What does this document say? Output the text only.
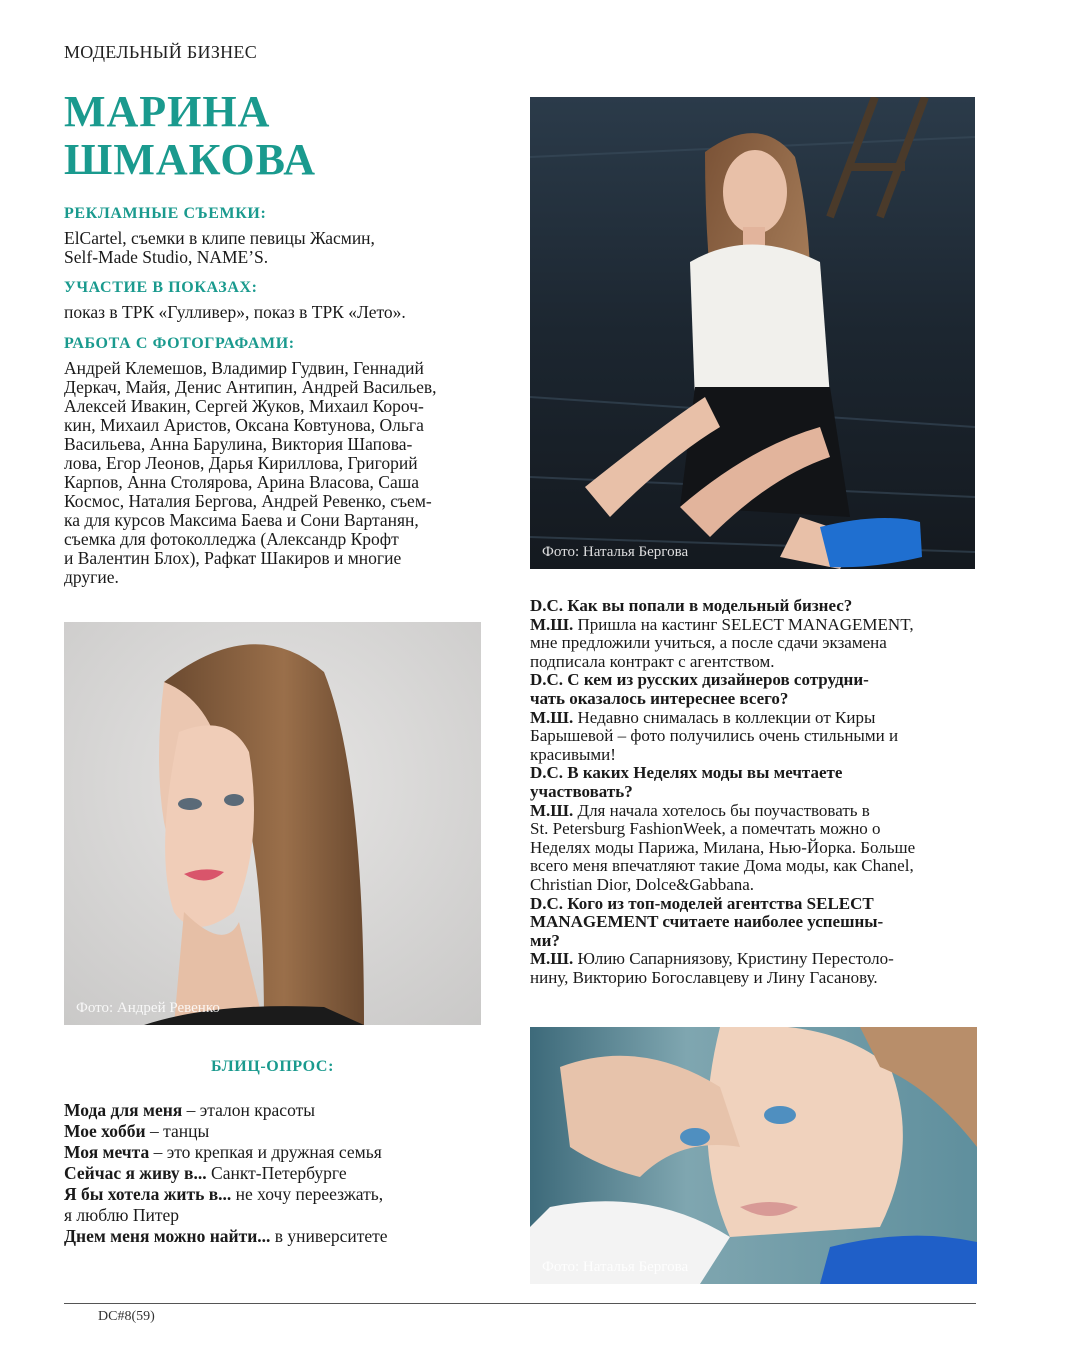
МОДЕЛЬНЫЙ БИЗНЕС
МАРИНА
ШМАКОВА
РЕКЛАМНЫЕ СЪЕМКИ:
ElCartel, съемки в клипе певицы Жасмин,
Self-Made Studio, NAME’S.
УЧАСТИЕ В ПОКАЗАХ:
показ в ТРК «Гулливер», показ в ТРК «Лето».
РАБОТА С ФОТОГРАФАМИ:
Андрей Клемешов, Владимир Гудвин, Геннадий
Деркач, Майя, Денис Антипин, Андрей Васильев,
Алексей Ивакин, Сергей Жуков, Михаил Короч-
кин, Михаил Аристов, Оксана Ковтунова, Ольга
Васильева, Анна Барулина, Виктория Шапова-
лова, Егор Леонов, Дарья Кириллова, Григорий
Карпов, Анна Столярова, Арина Власова, Саша
Космос, Наталия Бергова, Андрей Ревенко, съем-
ка для курсов Максима Баева и Сони Вартанян,
съемка для фотоколледжа (Александр Крофт
и Валентин Блох), Рафкат Шакиров и многие
другие.
Фото: Наталья Бергова
Фото: Андрей Ревенко

D.C. Как вы попали в модельный бизнес?

М.Ш. Пришла на кастинг SELECT MANAGEMENT,
мне предложили учиться, а после сдачи экзамена
подписала контракт с агентством.

D.C. С кем из русских дизайнеров сотрудни-
чать оказалось интереснее всего?

М.Ш. Недавно снималась в коллекции от Киры
Барышевой – фото получились очень стильными и
красивыми!

D.C. В каких Неделях моды вы мечтаете
участвовать?

М.Ш. Для начала хотелось бы поучаствовать в
St. Petersburg FashionWeek, а помечтать можно о
Неделях моды Парижа, Милана, Нью-Йорка. Больше
всего меня впечатляют такие Дома моды, как Chanel,
Christian Dior, Dolce&Gabbana.

D.C. Кого из топ-моделей агентства SELECT
MANAGEMENT считаете наиболее успешны-
ми?

М.Ш. Юлию Сапарниязову, Кристину Перестоло-
нину, Викторию Богославцеву и Лину Гасанову.

Фото: Наталья Бергова
БЛИЦ-ОПРОС:
Мода для меня – эталон красоты
Мое хобби – танцы
Моя мечта – это крепкая и дружная семья
Сейчас я живу в... Санкт-Петербурге
Я бы хотела жить в... не хочу переезжать,
я люблю Питер
Днем меня можно найти... в университете
DC#8(59)
